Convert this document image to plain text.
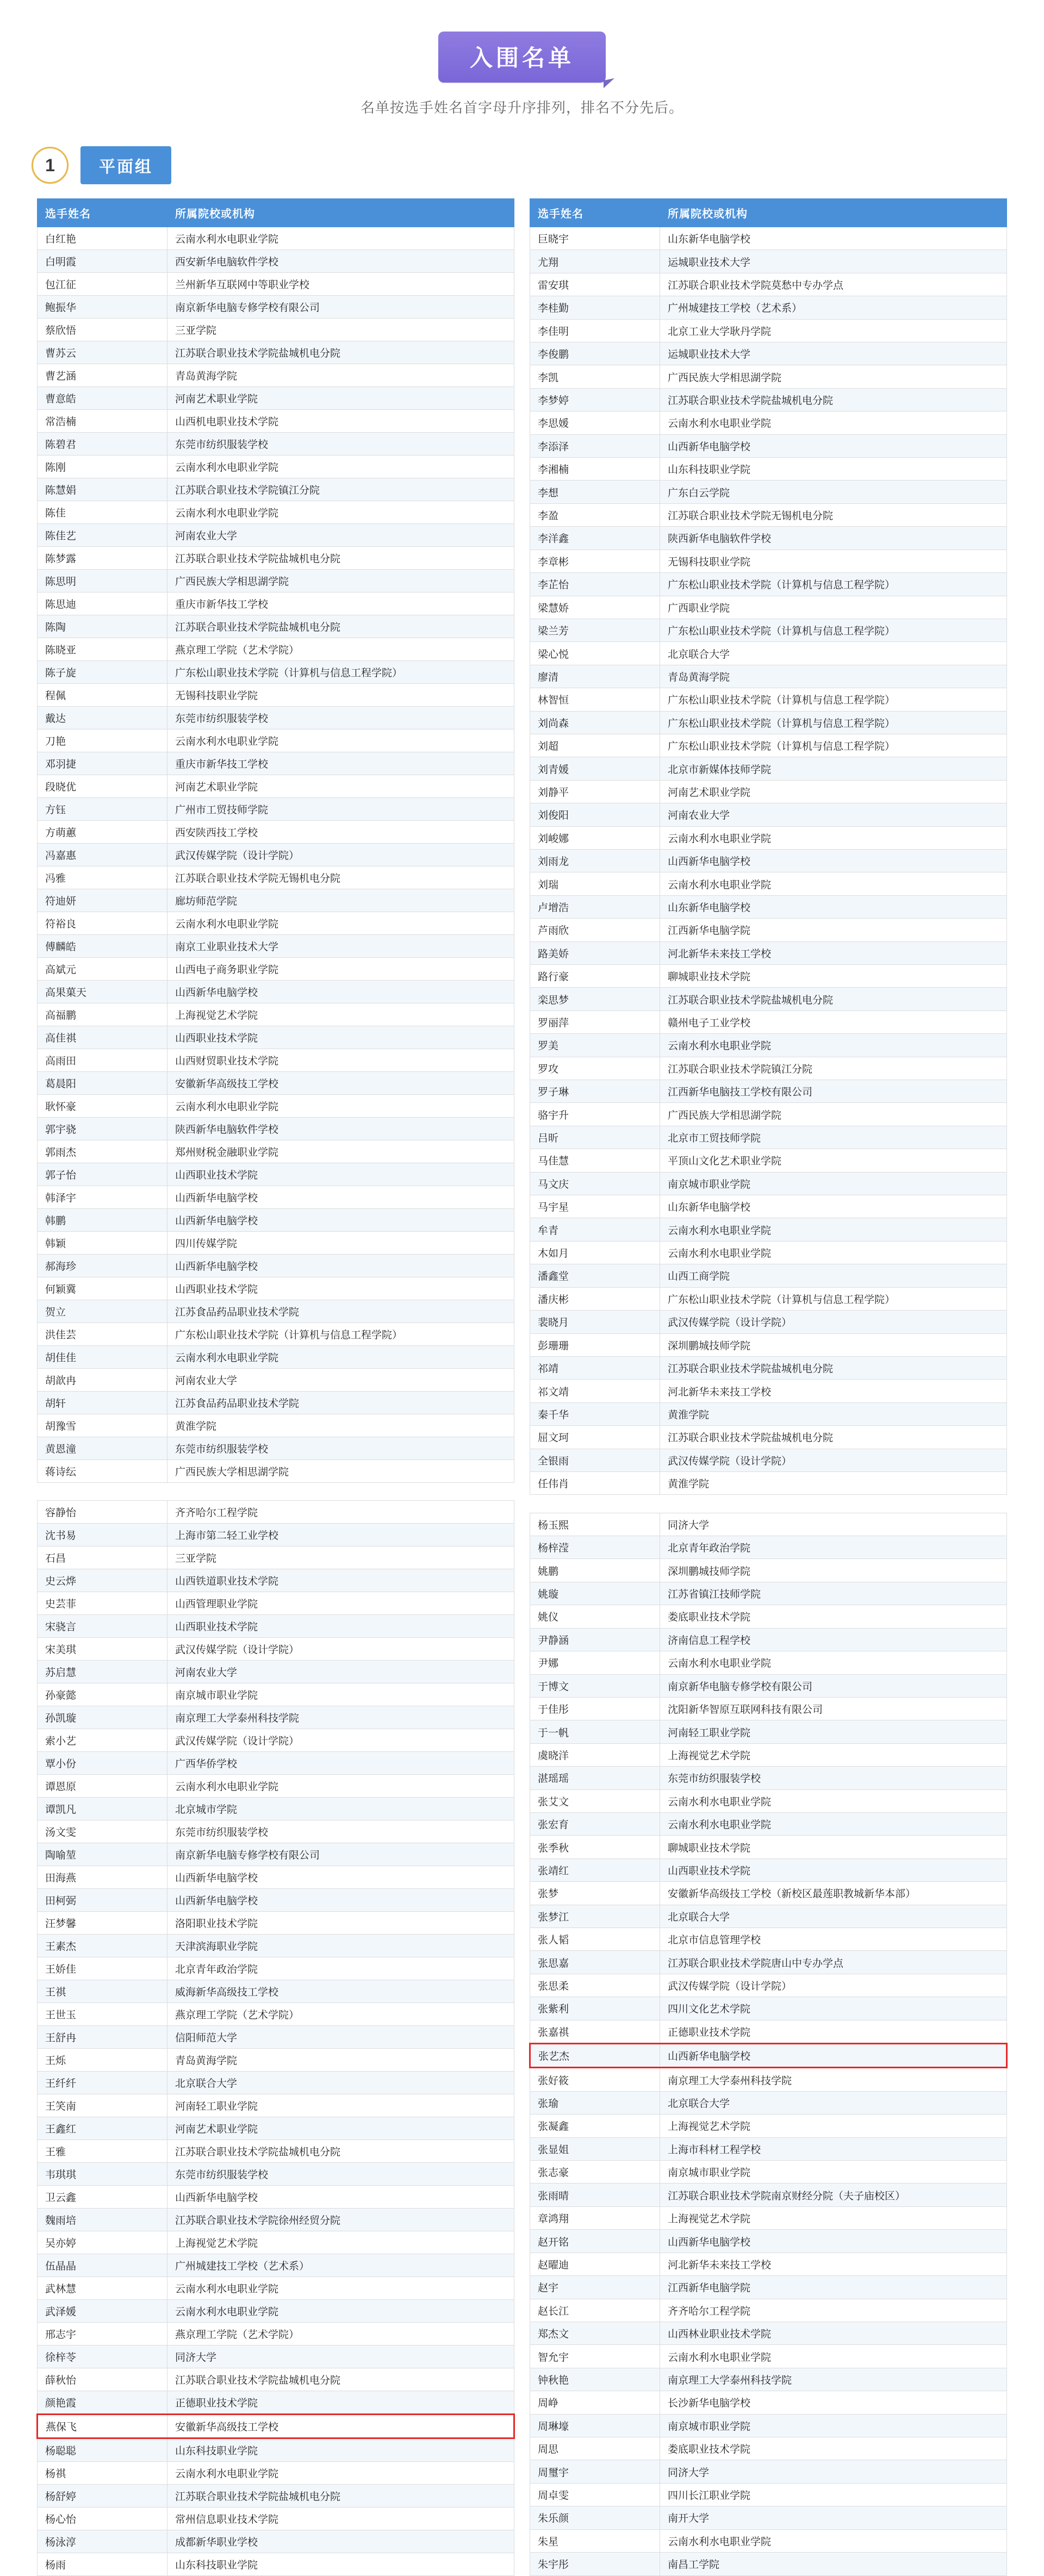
入围名单
名单按选手姓名首字母升序排列，排名不分先后。
1	平面组
选手姓名	所属院校或机构
白红艳	云南水利水电职业学院
白明霞	西安新华电脑软件学校
包江征	兰州新华互联网中等职业学校
鲍振华	南京新华电脑专修学校有限公司
蔡欣悟	三亚学院
曹苏云	江苏联合职业技术学院盐城机电分院
曹艺涵	青岛黄海学院
曹意皓	河南艺术职业学院
常浩楠	山西机电职业技术学院
陈碧君	东莞市纺织服装学校
陈刚	云南水利水电职业学院
陈慧娟	江苏联合职业技术学院镇江分院
陈佳	云南水利水电职业学院
陈佳艺	河南农业大学
陈梦露	江苏联合职业技术学院盐城机电分院
陈思明	广西民族大学相思湖学院
陈思迪	重庆市新华技工学校
陈陶	江苏联合职业技术学院盐城机电分院
陈晓亚	燕京理工学院（艺术学院）
陈子旋	广东松山职业技术学院（计算机与信息工程学院）
程佩	无锡科技职业学院
戴达	东莞市纺织服装学校
刀艳	云南水利水电职业学院
邓羽捷	重庆市新华技工学校
段晓优	河南艺术职业学院
方钰	广州市工贸技师学院
方萌蕙	西安陕西技工学校
冯嘉惠	武汉传媒学院（设计学院）
冯雅	江苏联合职业技术学院无锡机电分院
符迪妍	廊坊师范学院
符裕良	云南水利水电职业学院
傅麟皓	南京工业职业技术大学
高斌元	山西电子商务职业学院
高果菓天	山西新华电脑学校
高福鹏	上海视觉艺术学院
高佳祺	山西职业技术学院
高雨田	山西财贸职业技术学院
葛晨阳	安徽新华高级技工学校
耿怀豪	云南水利水电职业学院
郭宇骁	陕西新华电脑软件学校
郭雨杰	郑州财税金融职业学院
郭子怡	山西职业技术学院
韩泽宇	山西新华电脑学校
韩鹏	山西新华电脑学校
韩颖	四川传媒学院
郝海珍	山西新华电脑学校
何颖冀	山西职业技术学院
贺立	江苏食品药品职业技术学院
洪佳芸	广东松山职业技术学院（计算机与信息工程学院）
胡佳佳	云南水利水电职业学院
胡歆冉	河南农业大学
胡轩	江苏食品药品职业技术学院
胡豫雪	黄淮学院
黄恩潼	东莞市纺织服装学校
蒋诗纭	广西民族大学相思湖学院

容静怡	齐齐哈尔工程学院
沈书易	上海市第二轻工业学校
石昌	三亚学院
史云烨	山西铁道职业技术学院
史芸菲	山西管理职业学院
宋骁言	山西职业技术学院
宋美琪	武汉传媒学院（设计学院）
苏启慧	河南农业大学
孙豪懿	南京城市职业学院
孙凯璇	南京理工大学泰州科技学院
索小艺	武汉传媒学院（设计学院）
覃小份	广西华侨学校
谭恩原	云南水利水电职业学院
谭凯凡	北京城市学院
汤文雯	东莞市纺织服装学校
陶喻堃	南京新华电脑专修学校有限公司
田海燕	山西新华电脑学校
田柯弼	山西新华电脑学校
汪梦馨	洛阳职业技术学院
王素杰	天津滨海职业学院
王娇佳	北京青年政治学院
王祺	威海新华高级技工学校
王世玉	燕京理工学院（艺术学院）
王舒冉	信阳师范大学
王烁	青岛黄海学院
王纤纤	北京联合大学
王笑南	河南轻工职业学院
王鑫红	河南艺术职业学院
王雅	江苏联合职业技术学院盐城机电分院
韦琪琪	东莞市纺织服装学校
卫云鑫	山西新华电脑学校
魏雨培	江苏联合职业技术学院徐州经贸分院
吴亦婷	上海视觉艺术学院
伍晶晶	广州城建技工学校（艺术系）
武林慧	云南水利水电职业学院
武泽媛	云南水利水电职业学院
邢志宇	燕京理工学院（艺术学院）
徐梓苓	同济大学
薛秋怡	江苏联合职业技术学院盐城机电分院
颜艳霞	正德职业技术学院
燕保飞	安徽新华高级技工学校
杨聪聪	山东科技职业学院
杨祺	云南水利水电职业学院
杨舒婷	江苏联合职业技术学院盐城机电分院
杨心怡	常州信息职业技术学院
杨泳淳	成都新华职业学校
杨雨	山东科技职业学院
选手姓名	所属院校或机构
巨晓宇	山东新华电脑学校
尤翔	运城职业技术大学
雷安琪	江苏联合职业技术学院莫愁中专办学点
李桂勤	广州城建技工学校（艺术系）
李佳明	北京工业大学耿丹学院
李俊鹏	运城职业技术大学
李凯	广西民族大学相思湖学院
李梦婷	江苏联合职业技术学院盐城机电分院
李思媛	云南水利水电职业学院
李添泽	山西新华电脑学校
李湘楠	山东科技职业学院
李想	广东白云学院
李盈	江苏联合职业技术学院无锡机电分院
李洋鑫	陕西新华电脑软件学校
李章彬	无锡科技职业学院
李芷怡	广东松山职业技术学院（计算机与信息工程学院）
梁慧娇	广西职业学院
梁兰芳	广东松山职业技术学院（计算机与信息工程学院）
梁心悦	北京联合大学
廖清	青岛黄海学院
林智恒	广东松山职业技术学院（计算机与信息工程学院）
刘尚森	广东松山职业技术学院（计算机与信息工程学院）
刘超	广东松山职业技术学院（计算机与信息工程学院）
刘青媛	北京市新媒体技师学院
刘静平	河南艺术职业学院
刘俊阳	河南农业大学
刘峻娜	云南水利水电职业学院
刘雨龙	山西新华电脑学校
刘瑞	云南水利水电职业学院
卢增浩	山东新华电脑学校
芦雨欣	江西新华电脑学院
路美娇	河北新华未来技工学校
路行豪	聊城职业技术学院
栾思梦	江苏联合职业技术学院盐城机电分院
罗丽萍	赣州电子工业学校
罗美	云南水利水电职业学院
罗攻	江苏联合职业技术学院镇江分院
罗子琳	江西新华电脑技工学校有限公司
骆宇升	广西民族大学相思湖学院
吕昕	北京市工贸技师学院
马佳慧	平顶山文化艺术职业学院
马文庆	南京城市职业学院
马宇星	山东新华电脑学校
牟青	云南水利水电职业学院
木如月	云南水利水电职业学院
潘鑫堂	山西工商学院
潘庆彬	广东松山职业技术学院（计算机与信息工程学院）
裴晓月	武汉传媒学院（设计学院）
彭珊珊	深圳鹏城技师学院
祁靖	江苏联合职业技术学院盐城机电分院
祁文靖	河北新华未来技工学校
秦千华	黄淮学院
屈文珂	江苏联合职业技术学院盐城机电分院
全银雨	武汉传媒学院（设计学院）
任伟肖	黄淮学院

杨玉熙	同济大学
杨梓滢	北京青年政治学院
姚鹏	深圳鹏城技师学院
姚璇	江苏省镇江技师学院
姚仪	娄底职业技术学院
尹静涵	济南信息工程学校
尹娜	云南水利水电职业学院
于博文	南京新华电脑专修学校有限公司
于佳彤	沈阳新华智原互联网科技有限公司
于一帆	河南轻工职业学院
虞晓洋	上海视觉艺术学院
湛瑶瑶	东莞市纺织服装学校
张艾文	云南水利水电职业学院
张宏育	云南水利水电职业学院
张季秋	聊城职业技术学院
张靖红	山西职业技术学院
张梦	安徽新华高级技工学校（新校区最莲职教城新华本部）
张梦江	北京联合大学
张人韬	北京市信息管理学校
张思嘉	江苏联合职业技术学院唐山中专办学点
张思柔	武汉传媒学院（设计学院）
张紫利	四川文化艺术学院
张嘉祺	正德职业技术学院
张艺杰	山西新华电脑学校
张好筱	南京理工大学泰州科技学院
张瑜	北京联合大学
张凝鑫	上海视觉艺术学院
张显姐	上海市科材工程学校
张志豪	南京城市职业学院
张雨晴	江苏联合职业技术学院南京财经分院（夫子庙校区）
章鸿翔	上海视觉艺术学院
赵开铭	山西新华电脑学校
赵曜迪	河北新华未来技工学校
赵宇	江西新华电脑学院
赵长江	齐齐哈尔工程学院
郑杰文	山西林业职业技术学院
智允宇	云南水利水电职业学院
钟秋艳	南京理工大学泰州科技学院
周峥	长沙新华电脑学校
周琳壕	南京城市职业学院
周思	娄底职业技术学院
周璽宇	同济大学
周卓雯	四川长江职业学院
朱乐颜	南开大学
朱星	云南水利水电职业学院
朱宇彤	南昌工学院
